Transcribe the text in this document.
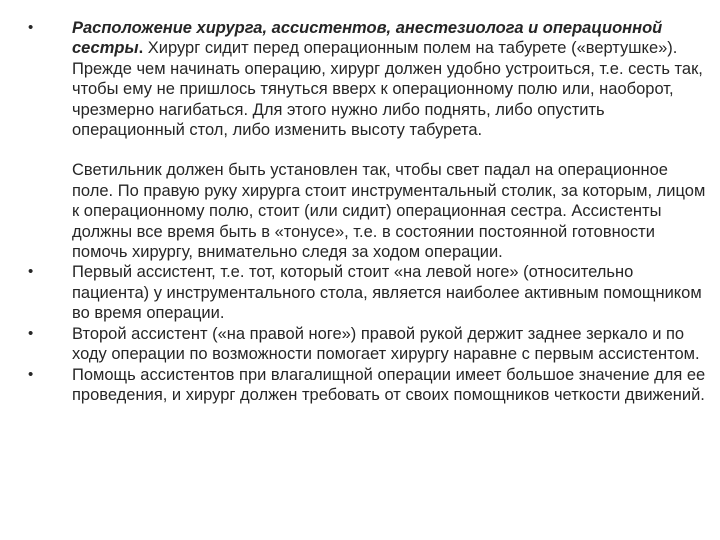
•	Расположение хирурга, ассистентов, анестезиолога и операционной сестры. Хирург сидит перед операционным полем на табурете («вертушке»). Прежде чем начинать операцию, хирург должен удобно устроиться, т.е. сесть так, чтобы ему не пришлось тянуться вверх к операционному полю или, наоборот, чрезмерно нагибаться. Для этого нужно либо поднять, либо опустить операционный стол, либо изменить высоту табурета.
Светильник должен быть установлен так, чтобы свет падал на операционное поле. По правую руку хирурга стоит инструментальный столик, за которым, лицом к операционному полю, стоит (или сидит) операционная сестра. Ассистенты должны все время быть в «тонусе», т.е. в состоянии постоянной готовности помочь хирургу, внимательно следя за ходом операции.
•	Первый ассистент, т.е. тот, который стоит «на левой ноге» (относительно пациента) у инструментального стола, является наиболее активным помощником во время операции.
•	Второй ассистент («на правой ноге») правой рукой держит заднее зеркало и по ходу операции по возможности помогает хирургу наравне с первым ассистентом.
•	Помощь ассистентов при влагалищной операции имеет большое значение для ее проведения, и хирург должен требовать от своих помощников четкости движений.
